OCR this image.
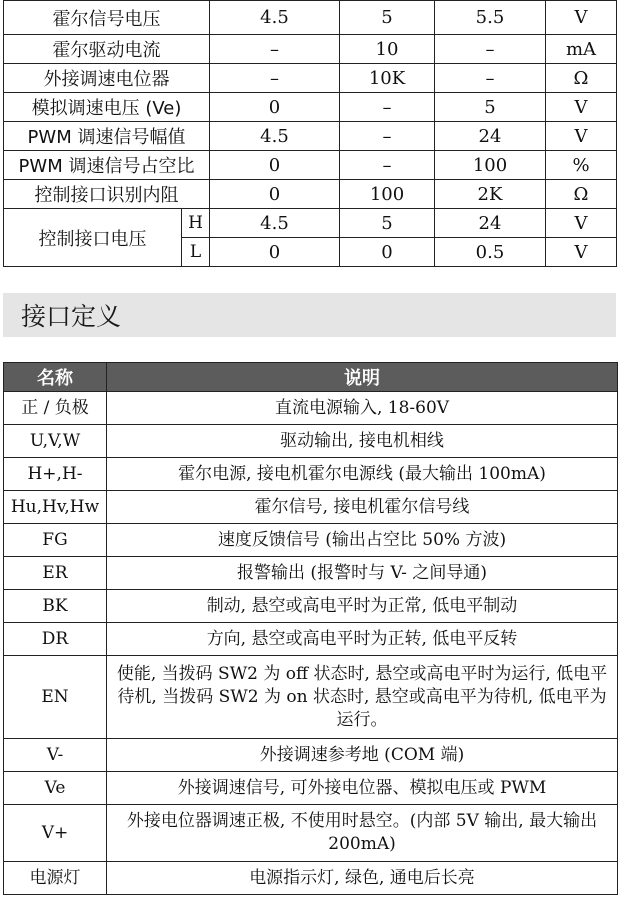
霍尔信号电压		4.5	5	5.5	V
霍尔驱动电流		–	10	–	mA
外接调速电位器		–	10K	–	Ω
模拟调速电压 (Ve)		0	–	5	V
PWM 调速信号幅值		4.5	–	24	V
PWM 调速信号占空比		0	–	100	%
控制接口识别内阻		0	100	2K	Ω
控制接口电压	H	4.5	5	24	V
	L	0	0	0.5	V
接口定义
名称	说明
正 / 负极	直流电源输入, 18-60V
U,V,W	驱动输出, 接电机相线
H+,H-	霍尔电源, 接电机霍尔电源线 (最大输出 100mA)
Hu,Hv,Hw	霍尔信号, 接电机霍尔信号线
FG	速度反馈信号 (输出占空比 50% 方波)
ER	报警输出 (报警时与 V- 之间导通)
BK	制动, 悬空或高电平时为正常, 低电平制动
DR	方向, 悬空或高电平时为正转, 低电平反转
EN	使能, 当拨码 SW2 为 off 状态时, 悬空或高电平时为运行, 低电平待机, 当拨码 SW2 为 on 状态时, 悬空或高电平为待机, 低电平为运行。
V-	外接调速参考地 (COM 端)
Ve	外接调速信号, 可外接电位器、模拟电压或 PWM
V+	外接电位器调速正极, 不使用时悬空。(内部 5V 输出, 最大输出 200mA)
电源灯	电源指示灯, 绿色, 通电后长亮
